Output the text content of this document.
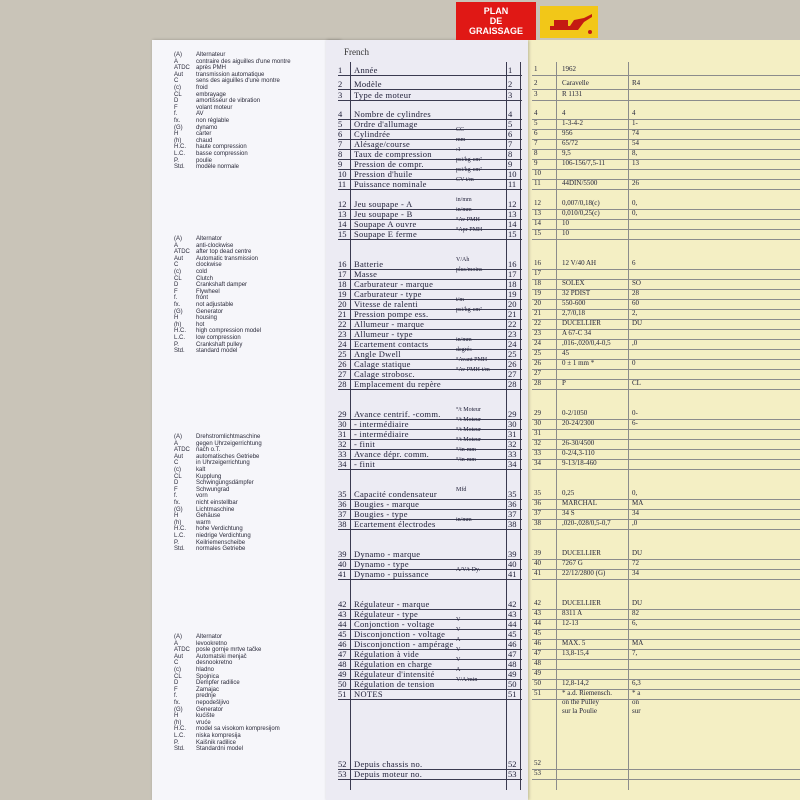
PLAN
DE
GRAISSAGE
(A)	Alternateur
A	contraire des aiguilles d'une montre
ATDC	après PMH
Aut	transmission automatique
C	sens des aiguilles d'une montre
(c)	froid
CL	embrayage
D	amortisseur de vibration
F	volant moteur
f.	AV
fx.	non réglable
(G)	dynamo
H	carter
(h)	chaud
H.C.	haute compression
L.C.	basse compression
P.	poulie
Std.	modèle normale
(A)	Alternator
A	anti-clockwise
ATDC	after top dead centre
Aut	Automatic transmission
C	clockwise
(c)	cold
CL	Clutch
D	Crankshaft damper
F	Flywheel
f.	front
fx.	not adjustable
(G)	Generator
H	housing
(h)	hot
H.C.	high compression model
L.C.	low compression
P.	Crankshaft pulley
Std.	standard model
(A)	Drehstromlichtmaschine
A	gegen Uhrzeigerrichtung
ATDC	nach o.T.
Aut	automatisches Getriebe
C	in Uhrzeigerrichtung
(c)	kalt
CL	Kupplung
D	Schwingungsdämpfer
F	Schwungrad
f.	vorn
fx.	nicht einstellbar
(G)	Lichtmaschine
H	Gehäuse
(h)	warm
H.C.	hohe Verdichtung
L.C.	niedrige Verdichtung
P.	Keilriemenscheibe
Std.	normales Getriebe
(A)	Alternator
A	levookretno
ATDC	posle gornje mrtve tačke
Aut	Automatski menjač
C	desnookretno
(c)	hladno
CL	Spojnica
D	Dempfer radilice
F	Zamajac
f.	prednje
fx.	nepodešljivo
(G)	Generator
H	kućište
(h)	vruće
H.C.	model sa visokom kompresijom
L.C.	niska kompresija
P.	Kaišnik radilice
Std.	Standardni model
French
1	Année	1
2	Modèle	2
3	Type de moteur	3
4	Nombre de cylindres	4
5	Ordre d'allumage	5
6	Cylindrée	CC	6
7	Alésage/course	mm	7
8	Taux de compression	:1	8
9	Pression de compr.	psi/kg-cm²	9
10 Pression d'huile	psi/kg-cm²	10
11 Puissance nominale	CV-t/m	11
12 Jeu soupape - A	in/mm	12
13 Jeu soupape - B	in/mm	13
14 Soupape A ouvre	°Av PMH	14
15 Soupape E ferme	°Apr PMH	15
16 Batterie	V/Ah	16
17 Masse	plus/moins	17
18 Carburateur - marque	18
19 Carburateur - type	19
20 Vitesse de ralenti	t/m	20
21 Pression pompe ess.	psi/kg-cm²	21
22 Allumeur - marque	22
23 Allumeur - type	23
24 Ecartement contacts	in/mm	24
25 Angle Dwell	degrés	25
26 Calage statique	°Avant PMH 26
27 Calage strobosc.	°Av PMH-t/m 27
28 Emplacement du repère	28
29 Avance centrif. -comm.	°/t Moteur	29
30 - intermédiaire	°/t Moteur	30
31 - intermédiaire	°/t Moteur	31
32 - finit	°/t Moteur	32
33 Avance dépr. comm.	°/in-mm	33
34 - finit	°/in-mm	34
35 Capacité condensateur	Mfd	35
36 Bougies - marque	36
37 Bougies - type	37
38 Ecartement électrodes	in/mm	38
39 Dynamo - marque	39
40 Dynamo - type	40
41 Dynamo - puissance	A/V/t-Dy.	41
42 Régulateur - marque	42
43 Régulateur - type	43
44 Conjonction - voltage	V	44
45 Disconjonction - voltage V	45
46 Disconjonction - ampérage A	46
47 Régulation à vide	V	47
48 Régulation en charge	V	48
49 Régulateur d'intensité	A	49
50 Régulation de tension	V/A/min	50
51 NOTES	51
52 Depuis chassis no.	52
53 Depuis moteur no.	53
1	1962
2	Caravelle	R4
3	R 1131
4	4	4
5	1-3-4-2	1-
6	956	74
7	65/72	54
8	9,5	8,
9	106-156/7,5-11	13
10
11	44DIN/5500	26
12	0,007/0,18(c)	0,
13	0,010/0,25(c)	0,
14	10
15	10
16	12 V/40 AH	6
17
18	SOLEX	SO
19	32 PDIST	28
20	550-600	60
21	2,7/0,18	2,
22	DUCELLIER	DU
23	A 67-C 34
24	,016-,020/0,4-0,5	,0
25	45
26	0 ± 1 mm *	0
27
28	P	CL
29	0-2/1050	0-
30	20-24/2300	6-
31
32	26-30/4500
33	0-2/4,3-110
34	9-13/18-460
35	0,25	0,
36	MARCHAL	MA
37	34 S	34
38	,020-,028/0,5-0,7	,0
39	DUCELLIER	DU
40	7267 G	72
41	22/12/2800 (G)	34
42	DUCELLIER	DU
43	8311 A	82
44	12-13	6,
45
46	MAX. 5	MA
47	13,8-15,4	7,
48
49
50	12,8-14,2	6,3
51	* a.d. Riemensch.	* a
on the Pulley	on
sur la Poulie	sur
52
53
